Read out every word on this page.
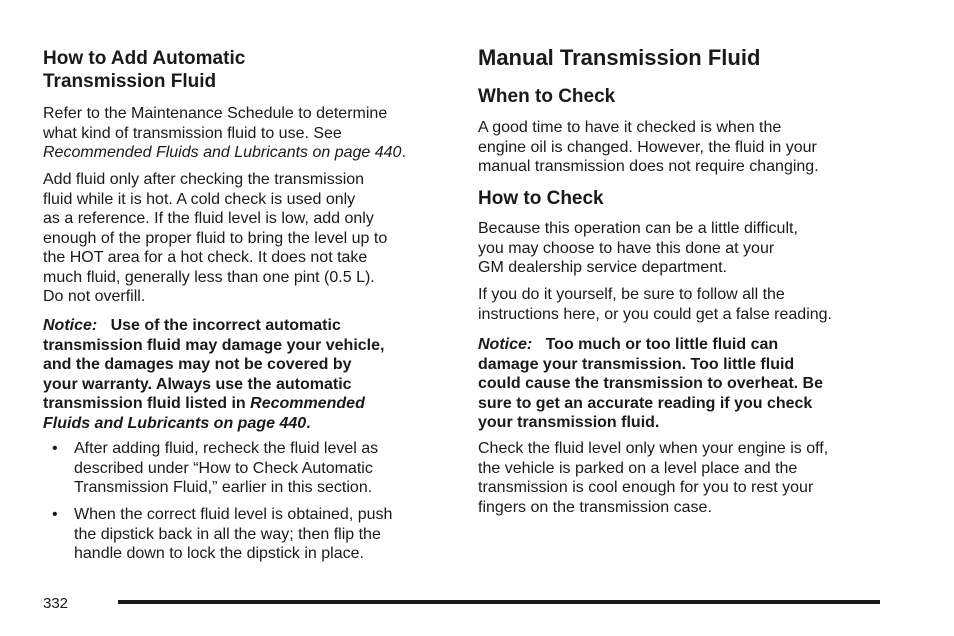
How to Add Automatic
Transmission Fluid

Refer to the Maintenance Schedule to determine
what kind of transmission fluid to use. See
Recommended Fluids and Lubricants on page 440.

Add fluid only after checking the transmission
fluid while it is hot. A cold check is used only
as a reference. If the fluid level is low, add only
enough of the proper fluid to bring the level up to
the HOT area for a hot check. It does not take
much fluid, generally less than one pint (0.5 L).
Do not overfill.

Notice: Use of the incorrect automatic
transmission fluid may damage your vehicle,
and the damages may not be covered by
your warranty. Always use the automatic
transmission fluid listed in Recommended
Fluids and Lubricants on page 440.

• After adding fluid, recheck the fluid level as
described under “How to Check Automatic
Transmission Fluid,” earlier in this section.
• When the correct fluid level is obtained, push
the dipstick back in all the way; then flip the
handle down to lock the dipstick in place.
Manual Transmission Fluid
When to Check

A good time to have it checked is when the
engine oil is changed. However, the fluid in your
manual transmission does not require changing.

How to Check

Because this operation can be a little difficult,
you may choose to have this done at your
GM dealership service department.

If you do it yourself, be sure to follow all the
instructions here, or you could get a false reading.

Notice: Too much or too little fluid can
damage your transmission. Too little fluid
could cause the transmission to overheat. Be
sure to get an accurate reading if you check
your transmission fluid.

Check the fluid level only when your engine is off,
the vehicle is parked on a level place and the
transmission is cool enough for you to rest your
fingers on the transmission case.

332
